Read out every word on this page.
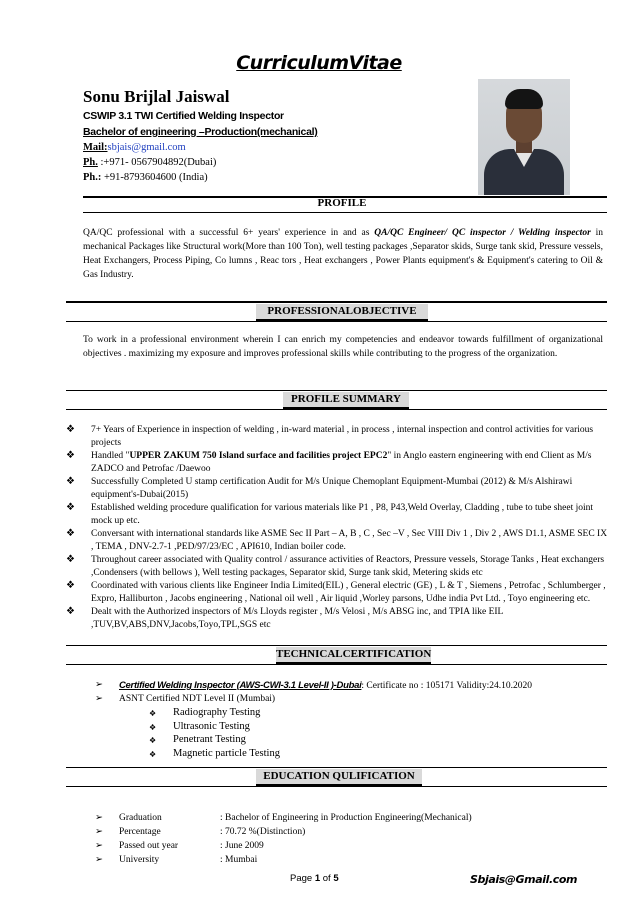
CurriculumVitae
Sonu Brijlal Jaiswal
CSWIP 3.1 TWI Certified Welding Inspector
Bachelor of engineering –Production(mechanical)
Mail:sbjais@gmail.com
Ph. :+971- 0567904892(Dubai)
Ph.: +91-8793604600 (India)
PROFILE
QA/QC professional with a successful 6+ years' experience in and as QA/QC Engineer/ QC inspector / Welding inspector in mechanical Packages like Structural work(More than 100 Ton), well testing packages ,Separator skids, Surge tank skid, Pressure vessels, Heat Exchangers, Process Piping, Co lumns , Reac tors , Heat exchangers , Power Plants equipment's & Equipment's catering to Oil & Gas Industry.
PROFESSIONALOBJECTIVE
To work in a professional environment wherein I can enrich my competencies and endeavor towards fulfillment of organizational objectives . maximizing my exposure and improves professional skills while contributing to the progress of the organization.
PROFILE SUMMARY
❖ 7+ Years of Experience in inspection of welding , in-ward material , in process , internal inspection and control activities for various projects
❖ Handled "UPPER ZAKUM 750 Island surface and facilities project EPC2" in Anglo eastern engineering with end Client as M/s ZADCO and Petrofac /Daewoo
❖ Successfully Completed U stamp certification Audit for M/s Unique Chemoplant Equipment-Mumbai (2012) & M/s Alshirawi equipment's-Dubai(2015)
❖ Established welding procedure qualification for various materials like P1 , P8, P43,Weld Overlay, Cladding , tube to tube sheet joint mock up etc.
❖ Conversant with international standards like ASME Sec II Part – A, B , C , Sec –V , Sec VIII Div 1 , Div 2 , AWS D1.1, ASME SEC IX , TEMA , DNV-2.7-1 ,PED/97/23/EC , API610, Indian boiler code.
❖ Throughout career associated with Quality control / assurance activities of Reactors, Pressure vessels, Storage Tanks , Heat exchangers ,Condensers (with bellows ), Well testing packages, Separator skid, Surge tank skid, Metering skids etc
❖ Coordinated with various clients like Engineer India Limited(EIL) , General electric (GE) , L & T , Siemens , Petrofac , Schlumberger , Expro, Halliburton , Jacobs engineering , National oil well , Air liquid ,Worley parsons, Udhe india Pvt Ltd. , Toyo engineering etc.
❖ Dealt with the Authorized inspectors of M/s Lloyds register , M/s Velosi , M/s ABSG inc, and TPIA like EIL ,TUV,BV,ABS,DNV,Jacobs,Toyo,TPL,SGS etc
TECHNICALCERTIFICATION
➢ Certified Welding Inspector (AWS-CWI-3.1 Level-II )-Dubai: Certificate no : 105171 Validity:24.10.2020
➢ ASNT Certified NDT Level II (Mumbai)
❖ Radiography Testing
❖ Ultrasonic Testing
❖ Penetrant Testing
❖ Magnetic particle Testing
EDUCATION QULIFICATION
➢ Graduation	: Bachelor of Engineering in Production Engineering(Mechanical)
➢ Percentage	: 70.72 %(Distinction)
➢ Passed out year	: June 2009
➢ University	: Mumbai
Page 1 of 5	Sbjais@Gmail.com
